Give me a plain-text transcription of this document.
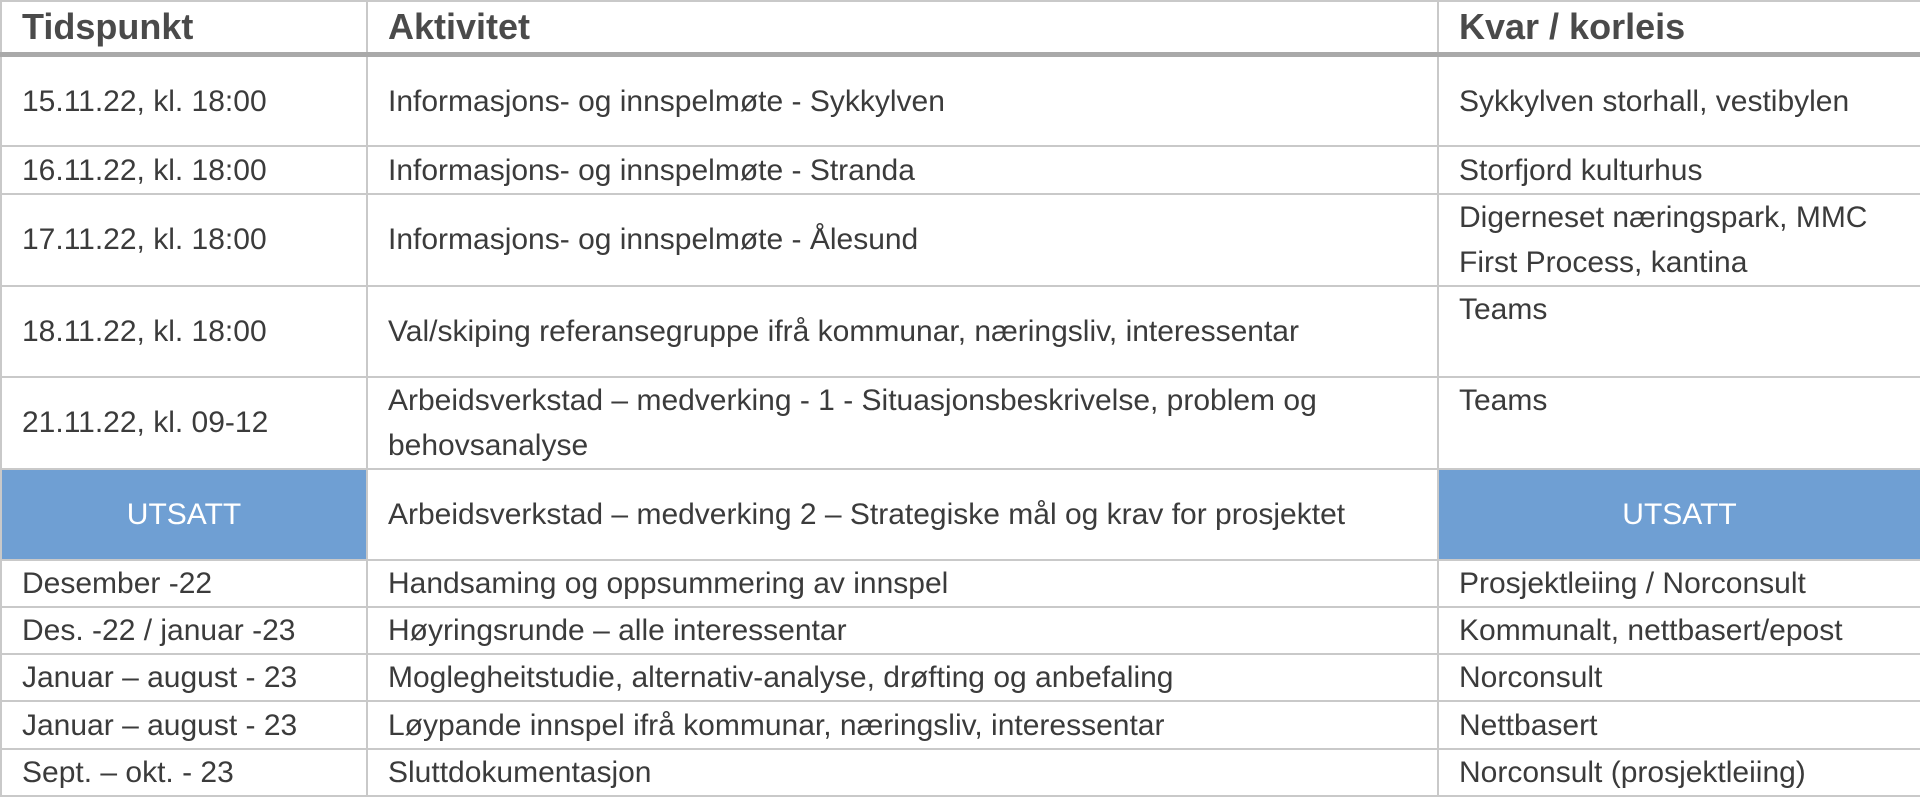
Tidspunkt	Aktivitet	Kvar / korleis
15.11.22, kl. 18:00	Informasjons- og innspelmøte - Sykkylven	Sykkylven storhall, vestibylen
16.11.22, kl. 18:00	Informasjons- og innspelmøte - Stranda	Storfjord kulturhus
17.11.22, kl. 18:00	Informasjons- og innspelmøte - Ålesund	Digerneset næringspark, MMC First Process, kantina
18.11.22, kl. 18:00	Val/skiping referansegruppe ifrå kommunar, næringsliv, interessentar	Teams
21.11.22, kl. 09-12	Arbeidsverkstad – medverking - 1 - Situasjonsbeskrivelse, problem og behovsanalyse	Teams
UTSATT	Arbeidsverkstad – medverking 2 – Strategiske mål og krav for prosjektet	UTSATT
Desember -22	Handsaming og oppsummering av innspel	Prosjektleiing / Norconsult
Des. -22 / januar -23	Høyringsrunde – alle interessentar	Kommunalt, nettbasert/epost
Januar – august - 23	Moglegheitstudie, alternativ-analyse, drøfting og anbefaling	Norconsult
Januar – august - 23	Løypande innspel ifrå kommunar, næringsliv, interessentar	Nettbasert
Sept. – okt. - 23	Sluttdokumentasjon	Norconsult (prosjektleiing)
